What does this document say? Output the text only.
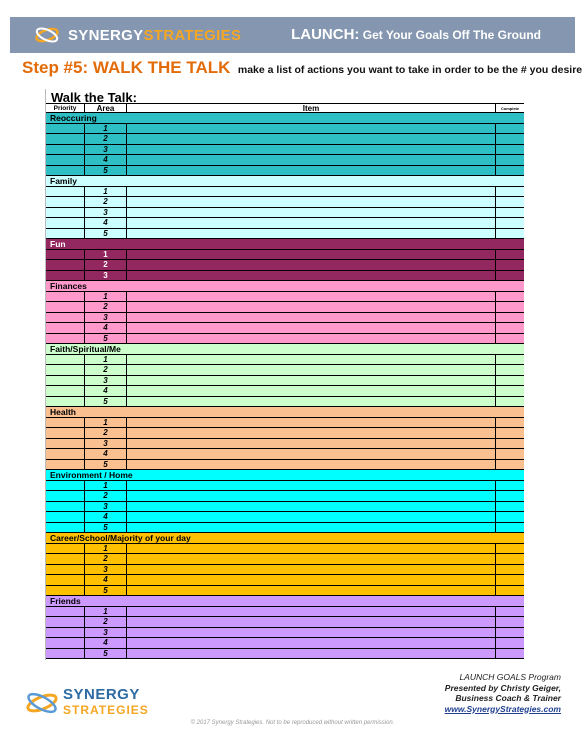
SYNERGYSTRATEGIES	LAUNCH: Get Your Goals Off The Ground
Step #5: WALK THE TALK make a list of actions you want to take in order to be the # you desire
Walk the Talk:
Priority	Area	Item	Complete
Reoccuring
1
2
3
4
5
Family
1
2
3
4
5
Fun
1
2
3
Finances
1
2
3
4
5
Faith/Spiritual/Me
1
2
3
4
5
Health
1
2
3
4
5
Environment / Home
1
2
3
4
5
Career/School/Majority of your day
1
2
3
4
5
Friends
1
2
3
4
5
SYNERGY
STRATEGIES
LAUNCH GOALS Program
Presented by Christy Geiger,
Business Coach & Trainer
www.SynergyStrategies.com
© 2017 Synergy Strategies. Not to be reproduced without written permission.
